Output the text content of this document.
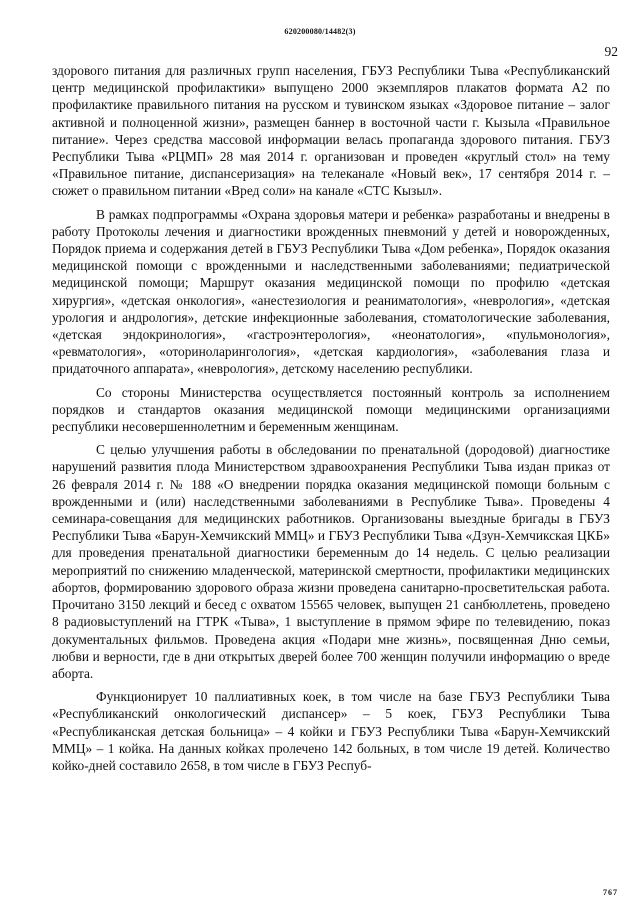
620200080/14482(3)
92

здорового питания для различных групп населения, ГБУЗ Республики Тыва «Республиканский центр медицинской профилактики» выпущено 2000 экземпляров плакатов формата А2 по профилактике правильного питания на русском и тувинском языках «Здоровое питание – залог активной и полноценной жизни», размещен баннер в восточной части г. Кызыла «Правильное питание». Через средства массовой информации велась пропаганда здорового питания. ГБУЗ Республики Тыва «РЦМП» 28 мая 2014 г. организован и проведен «круглый стол» на тему «Правильное питание, диспансеризация» на телеканале «Новый век», 17 сентября 2014 г. – сюжет о правильном питании «Вред соли» на канале «СТС Кызыл».

В рамках подпрограммы «Охрана здоровья матери и ребенка» разработаны и внедрены в работу Протоколы лечения и диагностики врожденных пневмоний у детей и новорожденных, Порядок приема и содержания детей в ГБУЗ Республики Тыва «Дом ребенка», Порядок оказания медицинской помощи с врожденными и наследственными заболеваниями; педиатрической медицинской помощи; Маршрут оказания медицинской помощи по профилю «детская хирургия», «детская онкология», «анестезиология и реаниматология», «неврология», «детская урология и андрология», детские инфекционные заболевания, стоматологические заболевания, «детская эндокринология», «гастроэнтерология», «неонатология», «пульмонология», «ревматология», «оториноларингология», «детская кардиология», «заболевания глаза и придаточного аппарата», «неврология», детскому населению республики.

Со стороны Министерства осуществляется постоянный контроль за исполнением порядков и стандартов оказания медицинской помощи медицинскими организациями республики несовершеннолетним и беременным женщинам.

С целью улучшения работы в обследовании по пренатальной (дородовой) диагностике нарушений развития плода Министерством здравоохранения Республики Тыва издан приказ от 26 февраля 2014 г. № 188 «О внедрении порядка оказания медицинской помощи больным с врожденными и (или) наследственными заболеваниями в Республике Тыва». Проведены 4 семинара-совещания для медицинских работников. Организованы выездные бригады в ГБУЗ Республики Тыва «Барун-Хемчикский ММЦ» и ГБУЗ Республики Тыва «Дзун-Хемчикская ЦКБ» для проведения пренатальной диагностики беременным до 14 недель. С целью реализации мероприятий по снижению младенческой, материнской смертности, профилактики медицинских абортов, формированию здорового образа жизни проведена санитарно-просветительская работа. Прочитано 3150 лекций и бесед с охватом 15565 человек, выпущен 21 санбюллетень, проведено 8 радиовыступлений на ГТРК «Тыва», 1 выступление в прямом эфире по телевидению, показ документальных фильмов. Проведена акция «Подари мне жизнь», посвященная Дню семьи, любви и верности, где в дни открытых дверей более 700 женщин получили информацию о вреде аборта.

Функционирует 10 паллиативных коек, в том числе на базе ГБУЗ Республики Тыва «Республиканский онкологический диспансер» – 5 коек, ГБУЗ Республики Тыва «Республиканская детская больница» – 4 койки и ГБУЗ Республики Тыва «Барун-Хемчикский ММЦ» – 1 койка. На данных койках пролечено 142 больных, в том числе 19 детей. Количество койко-дней составило 2658, в том числе в ГБУЗ Респуб-

767
